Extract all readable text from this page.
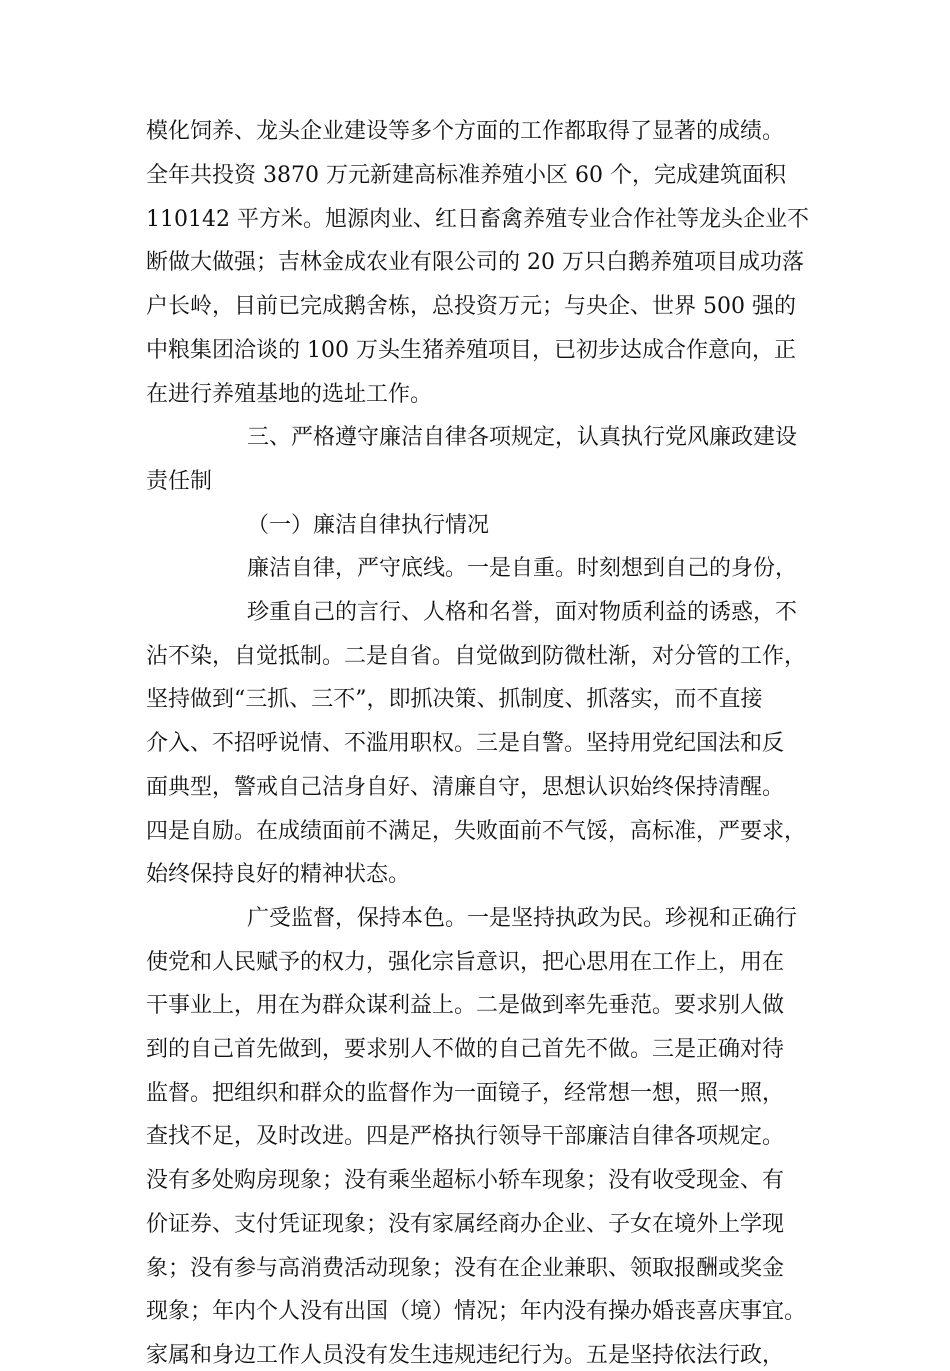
模化饲养、龙头企业建设等多个方面的工作都取得了显著的成绩。
全年共投资 3870 万元新建高标准养殖小区 60 个，完成建筑面积
110142 平方米。旭源肉业、红日畜禽养殖专业合作社等龙头企业不
断做大做强；吉林金成农业有限公司的 20 万只白鹅养殖项目成功落
户长岭，目前已完成鹅舍栋，总投资万元；与央企、世界 500 强的
中粮集团洽谈的 100 万头生猪养殖项目，已初步达成合作意向，正
在进行养殖基地的选址工作。
三、严格遵守廉洁自律各项规定，认真执行党风廉政建设
责任制
（一）廉洁自律执行情况
廉洁自律，严守底线。一是自重。时刻想到自己的身份，
珍重自己的言行、人格和名誉，面对物质利益的诱惑，不
沾不染，自觉抵制。二是自省。自觉做到防微杜渐，对分管的工作，
坚持做到“三抓、三不”，即抓决策、抓制度、抓落实，而不直接
介入、不招呼说情、不滥用职权。三是自警。坚持用党纪国法和反
面典型，警戒自己洁身自好、清廉自守，思想认识始终保持清醒。
四是自励。在成绩面前不满足，失败面前不气馁，高标准，严要求，
始终保持良好的精神状态。
广受监督，保持本色。一是坚持执政为民。珍视和正确行
使党和人民赋予的权力，强化宗旨意识，把心思用在工作上，用在
干事业上，用在为群众谋利益上。二是做到率先垂范。要求别人做
到的自己首先做到，要求别人不做的自己首先不做。三是正确对待
监督。把组织和群众的监督作为一面镜子，经常想一想，照一照，
查找不足，及时改进。四是严格执行领导干部廉洁自律各项规定。
没有多处购房现象；没有乘坐超标小轿车现象；没有收受现金、有
价证券、支付凭证现象；没有家属经商办企业、子女在境外上学现
象；没有参与高消费活动现象；没有在企业兼职、领取报酬或奖金
现象；年内个人没有出国（境）情况；年内没有操办婚丧喜庆事宜。
家属和身边工作人员没有发生违规违纪行为。五是坚持依法行政，
